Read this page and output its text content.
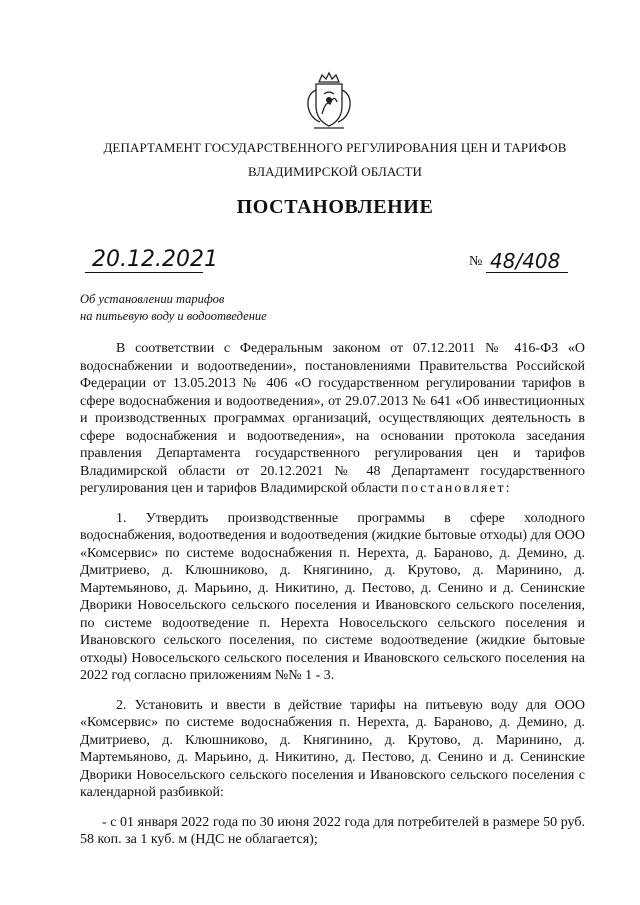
ДЕПАРТАМЕНТ ГОСУДАРСТВЕННОГО РЕГУЛИРОВАНИЯ ЦЕН И ТАРИФОВ
ВЛАДИМИРСКОЙ ОБЛАСТИ
ПОСТАНОВЛЕНИЕ
20.12.2021	№ 48/408
Об установлении тарифов
на питьевую воду и водоотведение

В соответствии с Федеральным законом от 07.12.2011 № 416-ФЗ «О водоснабжении и водоотведении», постановлениями Правительства Российской Федерации от 13.05.2013 № 406 «О государственном регулировании тарифов в сфере водоснабжения и водоотведения», от 29.07.2013 № 641 «Об инвестиционных и производственных программах организаций, осуществляющих деятельность в сфере водоснабжения и водоотведения», на основании протокола заседания правления Департамента государственного регулирования цен и тарифов Владимирской области от 20.12.2021 № 48 Департамент государственного регулирования цен и тарифов Владимирской области постановляет:

1. Утвердить производственные программы в сфере холодного водоснабжения, водоотведения и водоотведения (жидкие бытовые отходы) для ООО «Комсервис» по системе водоснабжения п. Нерехта, д. Бараново, д. Демино, д. Дмитриево, д. Клюшниково, д. Княгинино, д. Крутово, д. Маринино, д. Мартемьяново, д. Марьино, д. Никитино, д. Пестово, д. Сенино и д. Сенинские Дворики Новосельского сельского поселения и Ивановского сельского поселения, по системе водоотведение п. Нерехта Новосельского сельского поселения и Ивановского сельского поселения, по системе водоотведение (жидкие бытовые отходы) Новосельского сельского поселения и Ивановского сельского поселения на 2022 год согласно приложениям №№ 1 - 3.

2. Установить и ввести в действие тарифы на питьевую воду для ООО «Комсервис» по системе водоснабжения п. Нерехта, д. Бараново, д. Демино, д. Дмитриево, д. Клюшниково, д. Княгинино, д. Крутово, д. Маринино, д. Мартемьяново, д. Марьино, д. Никитино, д. Пестово, д. Сенино и д. Сенинские Дворики Новосельского сельского поселения и Ивановского сельского поселения с календарной разбивкой:

- с 01 января 2022 года по 30 июня 2022 года для потребителей в размере 50 руб. 58 коп. за 1 куб. м (НДС не облагается);
